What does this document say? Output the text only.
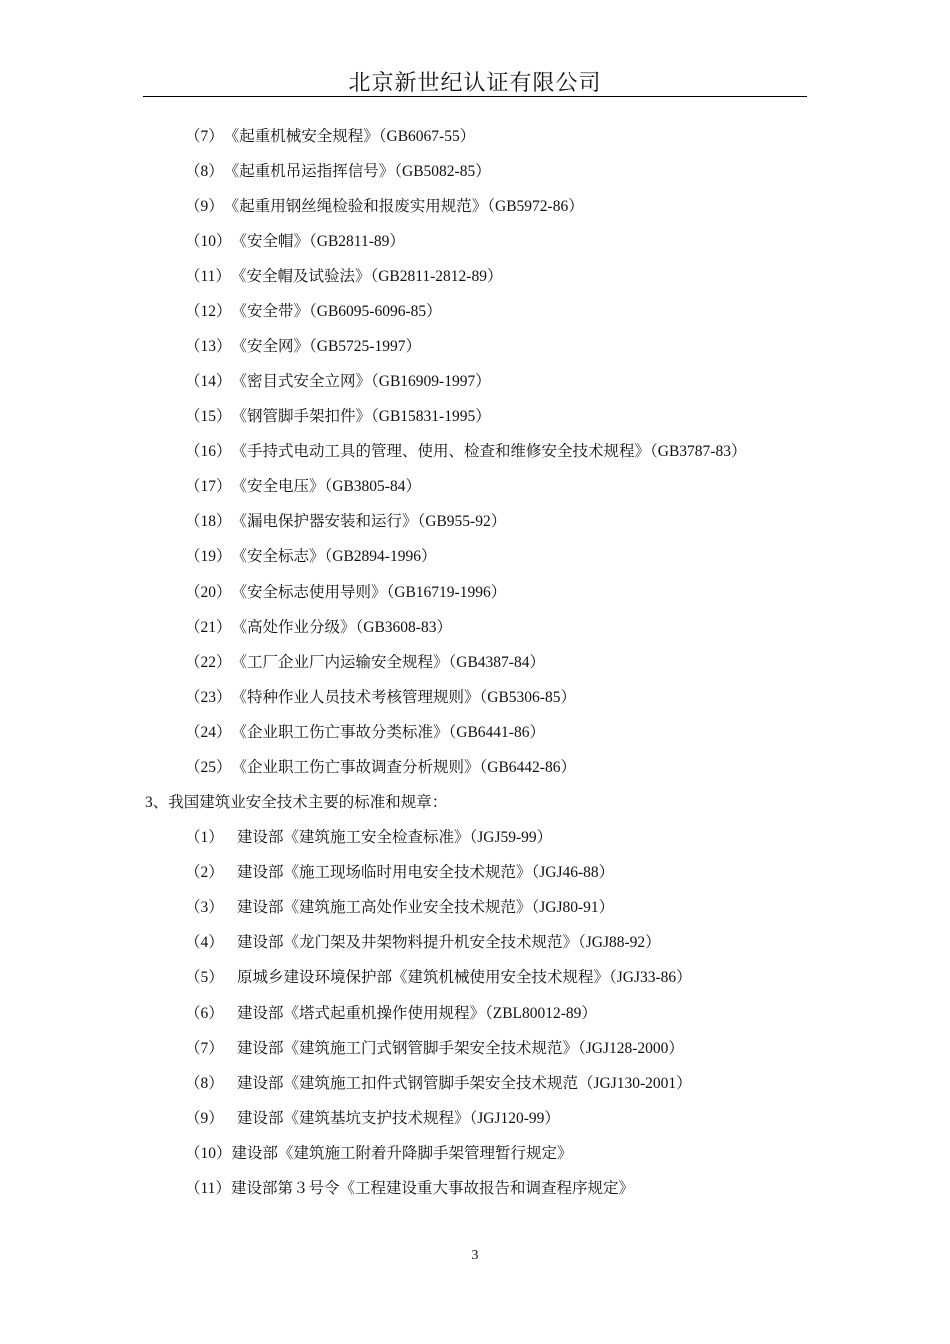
北京新世纪认证有限公司
（7）《起重机械安全规程》（GB6067-55）
（8）《起重机吊运指挥信号》（GB5082-85）
（9）《起重用钢丝绳检验和报废实用规范》（GB5972-86）
（10）《安全帽》（GB2811-89）
（11）《安全帽及试验法》（GB2811-2812-89）
（12）《安全带》（GB6095-6096-85）
（13）《安全网》（GB5725-1997）
（14）《密目式安全立网》（GB16909-1997）
（15）《钢管脚手架扣件》（GB15831-1995）
（16）《手持式电动工具的管理、使用、检查和维修安全技术规程》（GB3787-83）
（17）《安全电压》（GB3805-84）
（18）《漏电保护器安装和运行》（GB955-92）
（19）《安全标志》（GB2894-1996）
（20）《安全标志使用导则》（GB16719-1996）
（21）《高处作业分级》（GB3608-83）
（22）《工厂企业厂内运输安全规程》（GB4387-84）
（23）《特种作业人员技术考核管理规则》（GB5306-85）
（24）《企业职工伤亡事故分类标准》（GB6441-86）
（25）《企业职工伤亡事故调查分析规则》（GB6442-86）
3、我国建筑业安全技术主要的标准和规章：
（1） 建设部《建筑施工安全检查标准》（JGJ59-99）
（2） 建设部《施工现场临时用电安全技术规范》（JGJ46-88）
（3） 建设部《建筑施工高处作业安全技术规范》（JGJ80-91）
（4） 建设部《龙门架及井架物料提升机安全技术规范》（JGJ88-92）
（5） 原城乡建设环境保护部《建筑机械使用安全技术规程》（JGJ33-86）
（6） 建设部《塔式起重机操作使用规程》（ZBL80012-89）
（7） 建设部《建筑施工门式钢管脚手架安全技术规范》（JGJ128-2000）
（8） 建设部《建筑施工扣件式钢管脚手架安全技术规范（JGJ130-2001）
（9） 建设部《建筑基坑支护技术规程》（JGJ120-99）
（10）建设部《建筑施工附着升降脚手架管理暂行规定》
（11）建设部第３号令《工程建设重大事故报告和调查程序规定》
3
